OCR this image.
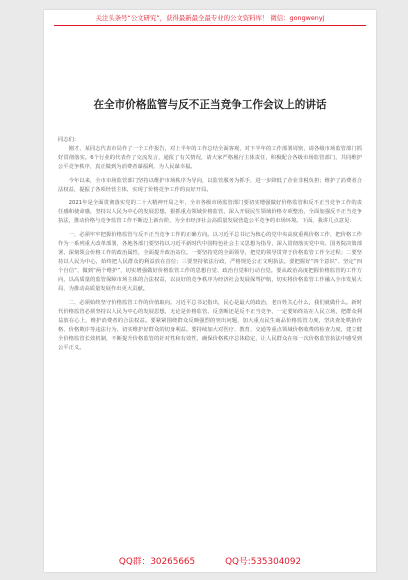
关注头条号“公文研究”，获得最新最全最专业的公文资料库！ 微信：gongwenyj
在全市价格监管与反不正当竞争工作会议上的讲话

同志们：

刚才，某同志代表市局作了一个工作报告，对上半年的工作总结全面客观，对下半年的工作部署周密，请各级市场监管部门抓好贯彻落实。6个行业的代表作了交流发言，通报了有关情况，请大家严格履行主体责任，积极配合各级市场监管部门，共同维护公平竞争秩序，真正做到为消费者谋福利、为人民谋幸福。

今年以来，全市市场监管部门坚持以维护市场秩序为导向，以监管服务为抓手，进一步降低了企业非税负担；维护了消费者合法权益，提振了各项经营主体，实现了价格竞争工作的良好开局。

2021年是全面贯彻落实党的二十大精神开局之年，全市各级市场监管部门要切实增强做好价格监管和反不正当竞争工作的责任感和使命感，坚持以人民为中心的发展思想，狠抓重点领域价格监管，深入开展民生领域价格专项整治，全面加强反不正当竞争执法，推动价格与竞争监管工作不断迈上新台阶，为全市经济社会高质量发展营造公平竞争的市场环境。下面，我讲几点意见：

一、必须牢牢把握价格监管与反不正当竞争工作的正确方向。以习近平总书记为核心的党中央高度重视价格工作，把价格工作作为一系列重大改革部署，各地各部门要坚持以习近平新时代中国特色社会主义思想为指导，深入贯彻落实党中央、国务院决策部署，深刻领会价格工作的政治属性，全面提升政治站位。一要坚持党的全面领导，把党的领导贯穿于价格监管工作全过程；二要坚持以人民为中心，始终把人民群众的利益放在首位；三要坚持依法行政，严格规范公正文明执法。要把握好“四个意识”、坚定“四个自信”、做到“两个维护”，切实增强做好价格监管工作的思想自觉、政治自觉和行动自觉。要从政治高度把握价格监管的工作方向，以高质量的监管保障市场主体的合法权益，以良好的竞争秩序为经济社会发展保驾护航，切实将价格监管工作融入全市发展大局，为推动高质量发展作出更大贡献。

二、必须始终坚守价格监管工作的价值取向。习近平总书记指出，民心是最大的政治，老百姓关心什么，我们就做什么。新时代价格监管必须坚持以人民为中心的发展思想，无论是价格监管、反垄断还是反不正当竞争，一定要始终站在人民立场，把群众利益放在心上，维护消费者的合法权益。要紧紧围绕群众反映强烈的突出问题，加大重点民生商品价格监管力度，坚决查处哄抬价格、价格欺诈等违法行为，切实维护好群众的切身利益。要持续加大对医疗、教育、交通等重点领域价格收费的检查力度，建立健全价格监管长效机制，不断提升价格监管的针对性和有效性，确保价格秩序总体稳定，让人民群众在每一次价格监管执法中感受到公平正义。

QQ群：30265665	QQ号:535304092
